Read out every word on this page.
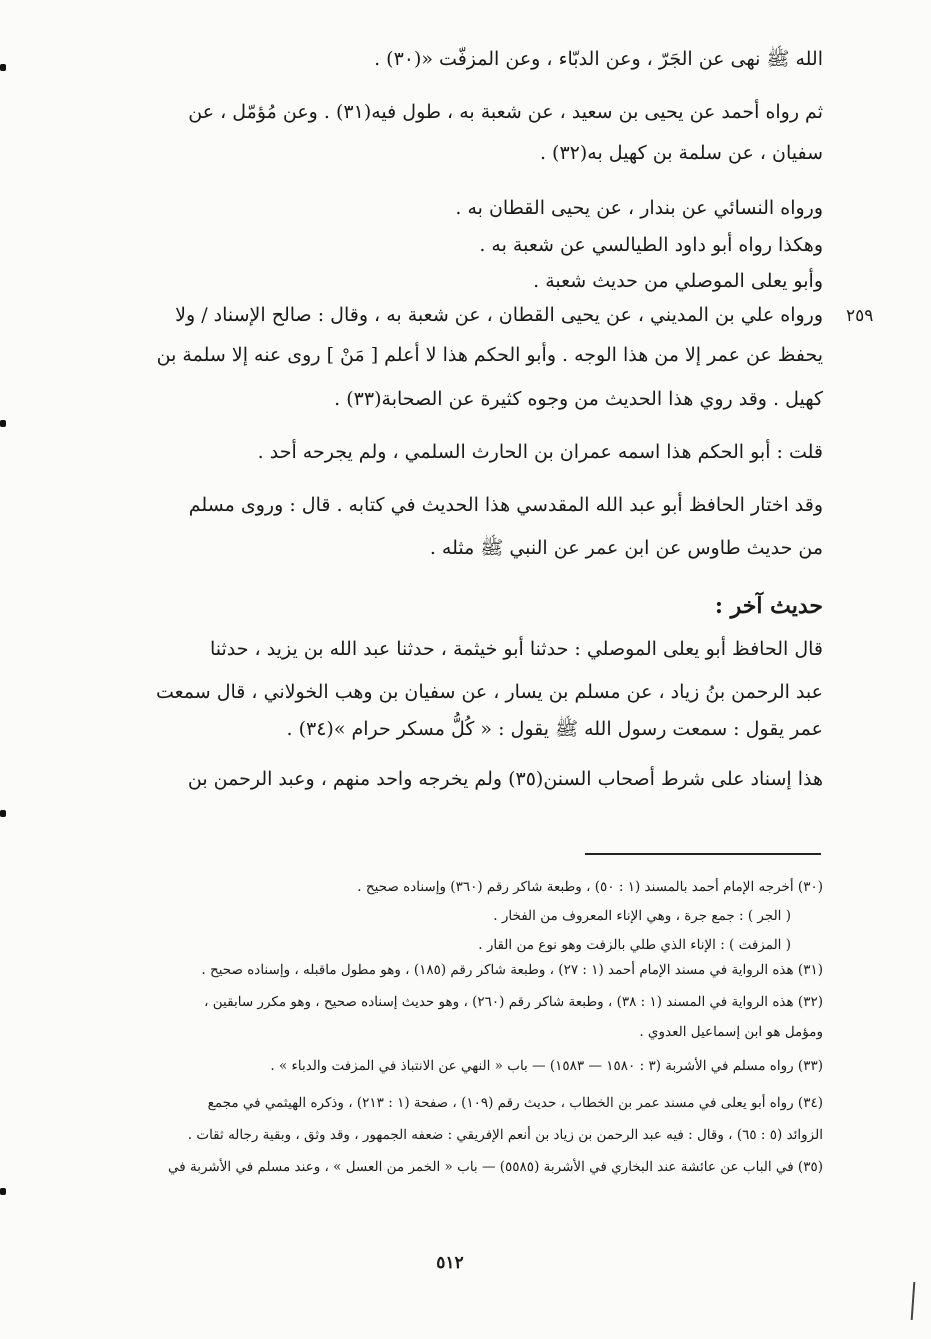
٢٥٩
الله ﷺ نهى عن الجَرّ ، وعن الدبّاء ، وعن المزفّت «(٣٠) .
ثم رواه أحمد عن يحيى بن سعيد ، عن شعبة به ، طول فيه(٣١) . وعن مُؤمّل ، عن
سفيان ، عن سلمة بن كهيل به(٣٢) .
ورواه النسائي عن بندار ، عن يحيى القطان به .
وهكذا رواه أبو داود الطيالسي عن شعبة به .
وأبو يعلى الموصلي من حديث شعبة .
ورواه علي بن المديني ، عن يحيى القطان ، عن شعبة به ، وقال : صالح الإسناد / ولا
يحفظ عن عمر إلا من هذا الوجه . وأبو الحكم هذا لا أعلم [ مَنْ ] روى عنه إلا سلمة بن
كهيل . وقد روي هذا الحديث من وجوه كثيرة عن الصحابة(٣٣) .
قلت : أبو الحكم هذا اسمه عمران بن الحارث السلمي ، ولم يجرحه أحد .
وقد اختار الحافظ أبو عبد الله المقدسي هذا الحديث في كتابه . قال : وروى مسلم
من حديث طاوس عن ابن عمر عن النبي ﷺ مثله .
حديث آخر :
قال الحافظ أبو يعلى الموصلي : حدثنا أبو خيثمة ، حدثنا عبد الله بن يزيد ، حدثنا
عبد الرحمن بنُ زياد ، عن مسلم بن يسار ، عن سفيان بن وهب الخولاني ، قال سمعت
عمر يقول : سمعت رسول الله ﷺ يقول : « كُلُّ مسكر حرام »(٣٤) .
هذا إسناد على شرط أصحاب السنن(٣٥) ولم يخرجه واحد منهم ، وعبد الرحمن بن
(٣٠) أخرجه الإمام أحمد بالمسند (١ : ٥٠) ، وطبعة شاكر رقم (٣٦٠) وإسناده صحيح .
( الجر ) : جمع جرة ، وهي الإناء المعروف من الفخار .
( المزفت ) : الإناء الذي طلي بالزفت وهو نوع من القار .
(٣١) هذه الرواية في مسند الإمام أحمد (١ : ٢٧) ، وطبعة شاكر رقم (١٨٥) ، وهو مطول ماقبله ، وإسناده صحيح .
(٣٢) هذه الرواية في المسند (١ : ٣٨) ، وطبعة شاكر رقم (٢٦٠) ، وهو حديث إسناده صحيح ، وهو مكرر سابقين ،
ومؤمل هو ابن إسماعيل العدوي .
(٣٣) رواه مسلم في الأشربة (٣ : ١٥٨٠ — ١٥٨٣) — باب « النهي عن الانتباذ في المزفت والدباء » .
(٣٤) رواه أبو يعلى في مسند عمر بن الخطاب ، حديث رقم (١٠٩) ، صفحة (١ : ٢١٣) ، وذكره الهيثمي في مجمع
الزوائد (٥ : ٦٥) ، وقال : فيه عبد الرحمن بن زياد بن أنعم الإفريقي : ضعفه الجمهور ، وقد وثق ، وبقية رجاله ثقات .
(٣٥) في الباب عن عائشة عند البخاري في الأشربة (٥٥٨٥) — باب « الخمر من العسل » ، وعند مسلم في الأشربة في
٥١٢
